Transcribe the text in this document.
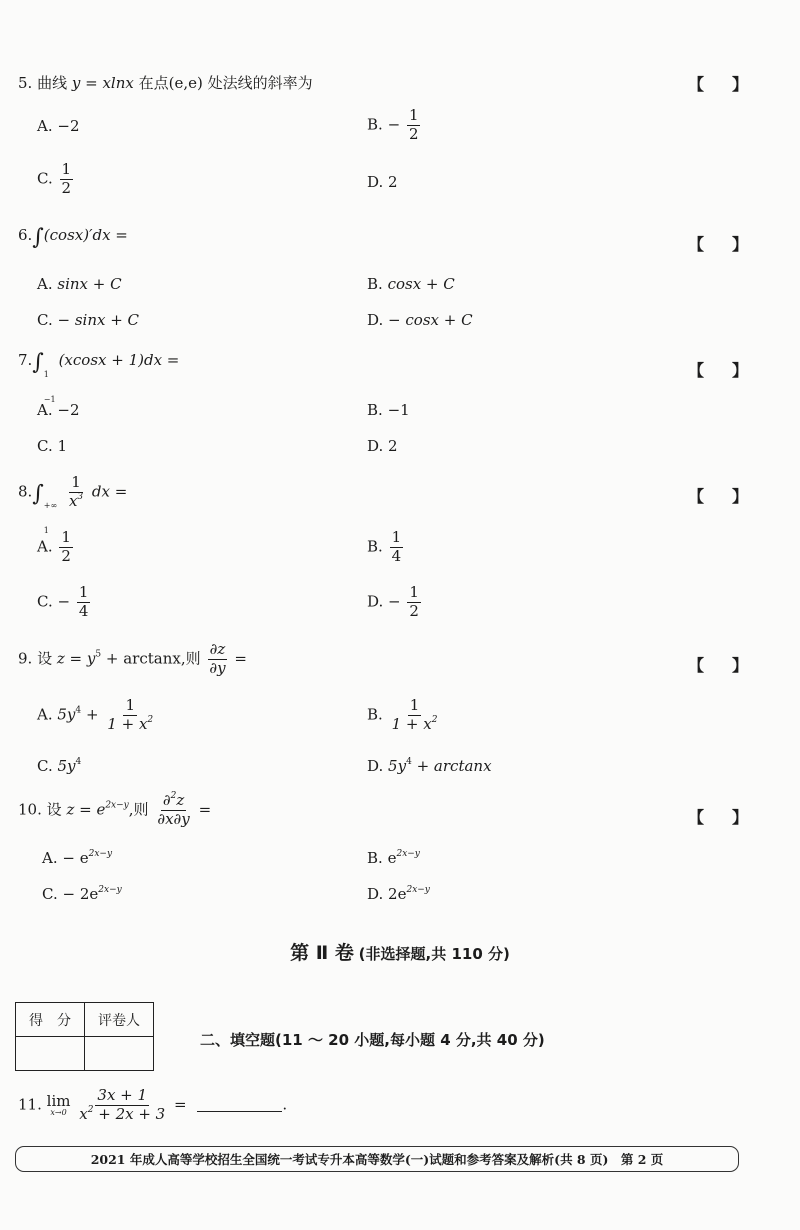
5. 曲线 y = xlnx 在点(e,e) 处法线的斜率为	【 】
A. −2	B. − $\frac{1}{2}$
C. $\frac{1}{2}$	D. 2
6.∫(cosx)′dx =	【 】
A. sinx + C	B. cosx + C
C. − sinx + C	D. − cosx + C
7.∫ 1
−1
(xcosx + 1)dx =
【 】
A. −2	B. −1
C. 1	D. 2
8.∫ +∞
1

$\frac{1}{x^3}$ dx =	【 】
A. $\frac{1}{2}$	B. $\frac{1}{4}$
C. − $\frac{1}{4}$	D. − $\frac{1}{2}$
9. 设 $z = y^5 + \arctan x$,则 $\frac{\partial z}{\partial y}$ =	【 】
A. $5y^4 + \frac{1}{1 + x^2}$	B. $\frac{1}{1 + x^2}$
C. $5y^4$	D. $5y^4 + \arctan x$
10. 设 $z = e^{2x-y}$,则 $\frac{\partial^2z}{\partial x\partial y}$ =	【 】
A. − $e^{2x-y}$	B. $e^{2x-y}$
C. − $2e^{2x-y}$	D. $2e^{2x-y}$
第 Ⅱ 卷 (非选择题,共 110 分)
得　分	评卷人

二、填空题(11 ～ 20 小题,每小题 4 分,共 40 分)
11. lim
x→0
$\frac{3x + 1}{x^2 + 2x + 3}$ =	.
2021 年成人高等学校招生全国统一考试专升本高等数学(一)试题和参考答案及解析(共 8 页)　第 2 页
